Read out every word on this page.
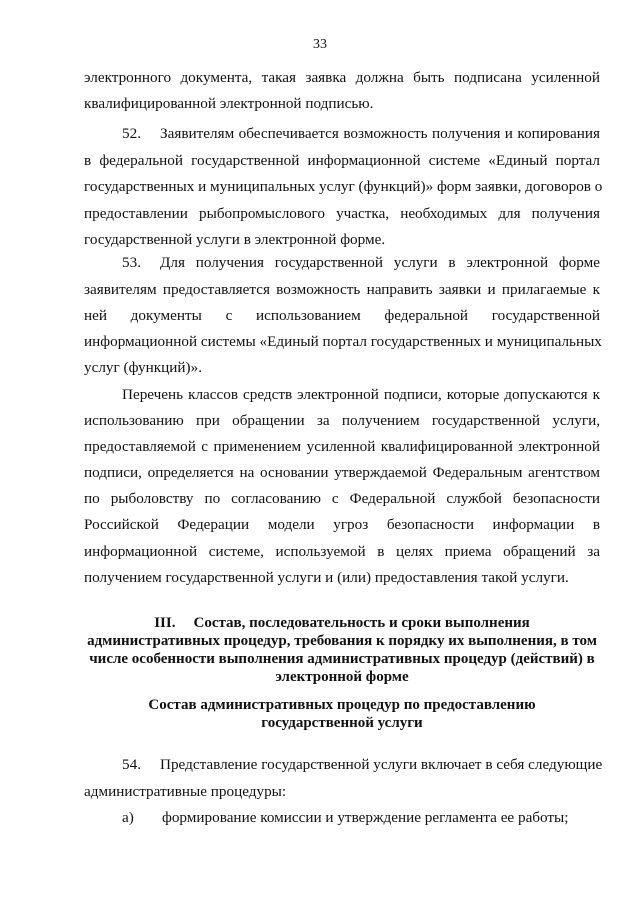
33
электронного документа, такая заявка должна быть подписана усиленной
квалифицированной электронной подписью.
52. Заявителям обеспечивается возможность получения и копирования
в федеральной государственной информационной системе «Единый портал
государственных и муниципальных услуг (функций)» форм заявки, договоров о
предоставлении рыбопромыслового участка, необходимых для получения
государственной услуги в электронной форме.
53. Для получения государственной услуги в электронной форме
заявителям предоставляется возможность направить заявки и прилагаемые к
ней документы с использованием федеральной государственной
информационной системы «Единый портал государственных и муниципальных
услуг (функций)».
Перечень классов средств электронной подписи, которые допускаются к
использованию при обращении за получением государственной услуги,
предоставляемой с применением усиленной квалифицированной электронной
подписи, определяется на основании утверждаемой Федеральным агентством
по рыболовству по согласованию с Федеральной службой безопасности
Российской Федерации модели угроз безопасности информации в
информационной системе, используемой в целях приема обращений за
получением государственной услуги и (или) предоставления такой услуги.
III. Состав, последовательность и сроки выполнения
административных процедур, требования к порядку их выполнения, в том
числе особенности выполнения административных процедур (действий) в
электронной форме
Состав административных процедур по предоставлению
государственной услуги
54. Представление государственной услуги включает в себя следующие
административные процедуры:
а) формирование комиссии и утверждение регламента ее работы;
